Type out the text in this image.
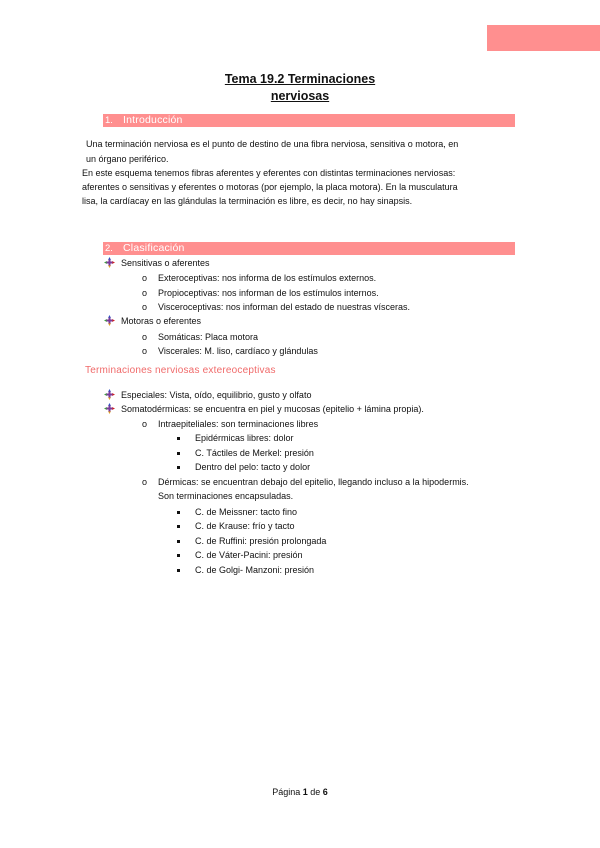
Tema 19.2 Terminaciones
nerviosas
1. Introducción
Una terminación nerviosa es el punto de destino de una fibra nerviosa, sensitiva o motora, en
un órgano periférico.
En este esquema tenemos fibras aferentes y eferentes con distintas terminaciones nerviosas:
aferentes o sensitivas y eferentes o motoras (por ejemplo, la placa motora). En la musculatura
lisa, la cardíacay en las glándulas la terminación es libre, es decir, no hay sinapsis.
2. Clasificación
Sensitivas o aferentes
o Exteroceptivas: nos informa de los estímulos externos.
o Propioceptivas: nos informan de los estímulos internos.
o Visceroceptivas: nos informan del estado de nuestras vísceras.
Motoras o eferentes
o Somáticas: Placa motora
o Viscerales: M. liso, cardíaco y glándulas
Terminaciones nerviosas extereoceptivas
Especiales: Vista, oído, equilibrio, gusto y olfato
Somatodérmicas: se encuentra en piel y mucosas (epitelio + lámina propia).
o Intraepiteliales: son terminaciones libres
Epidérmicas libres: dolor
C. Táctiles de Merkel: presión
Dentro del pelo: tacto y dolor
o Dérmicas: se encuentran debajo del epitelio, llegando incluso a la hipodermis.
Son terminaciones encapsuladas.
C. de Meissner: tacto fino
C. de Krause: frío y tacto
C. de Ruffini: presión prolongada
C. de Váter-Pacini: presión
C. de Golgi- Manzoni: presión
Página 1 de 6
